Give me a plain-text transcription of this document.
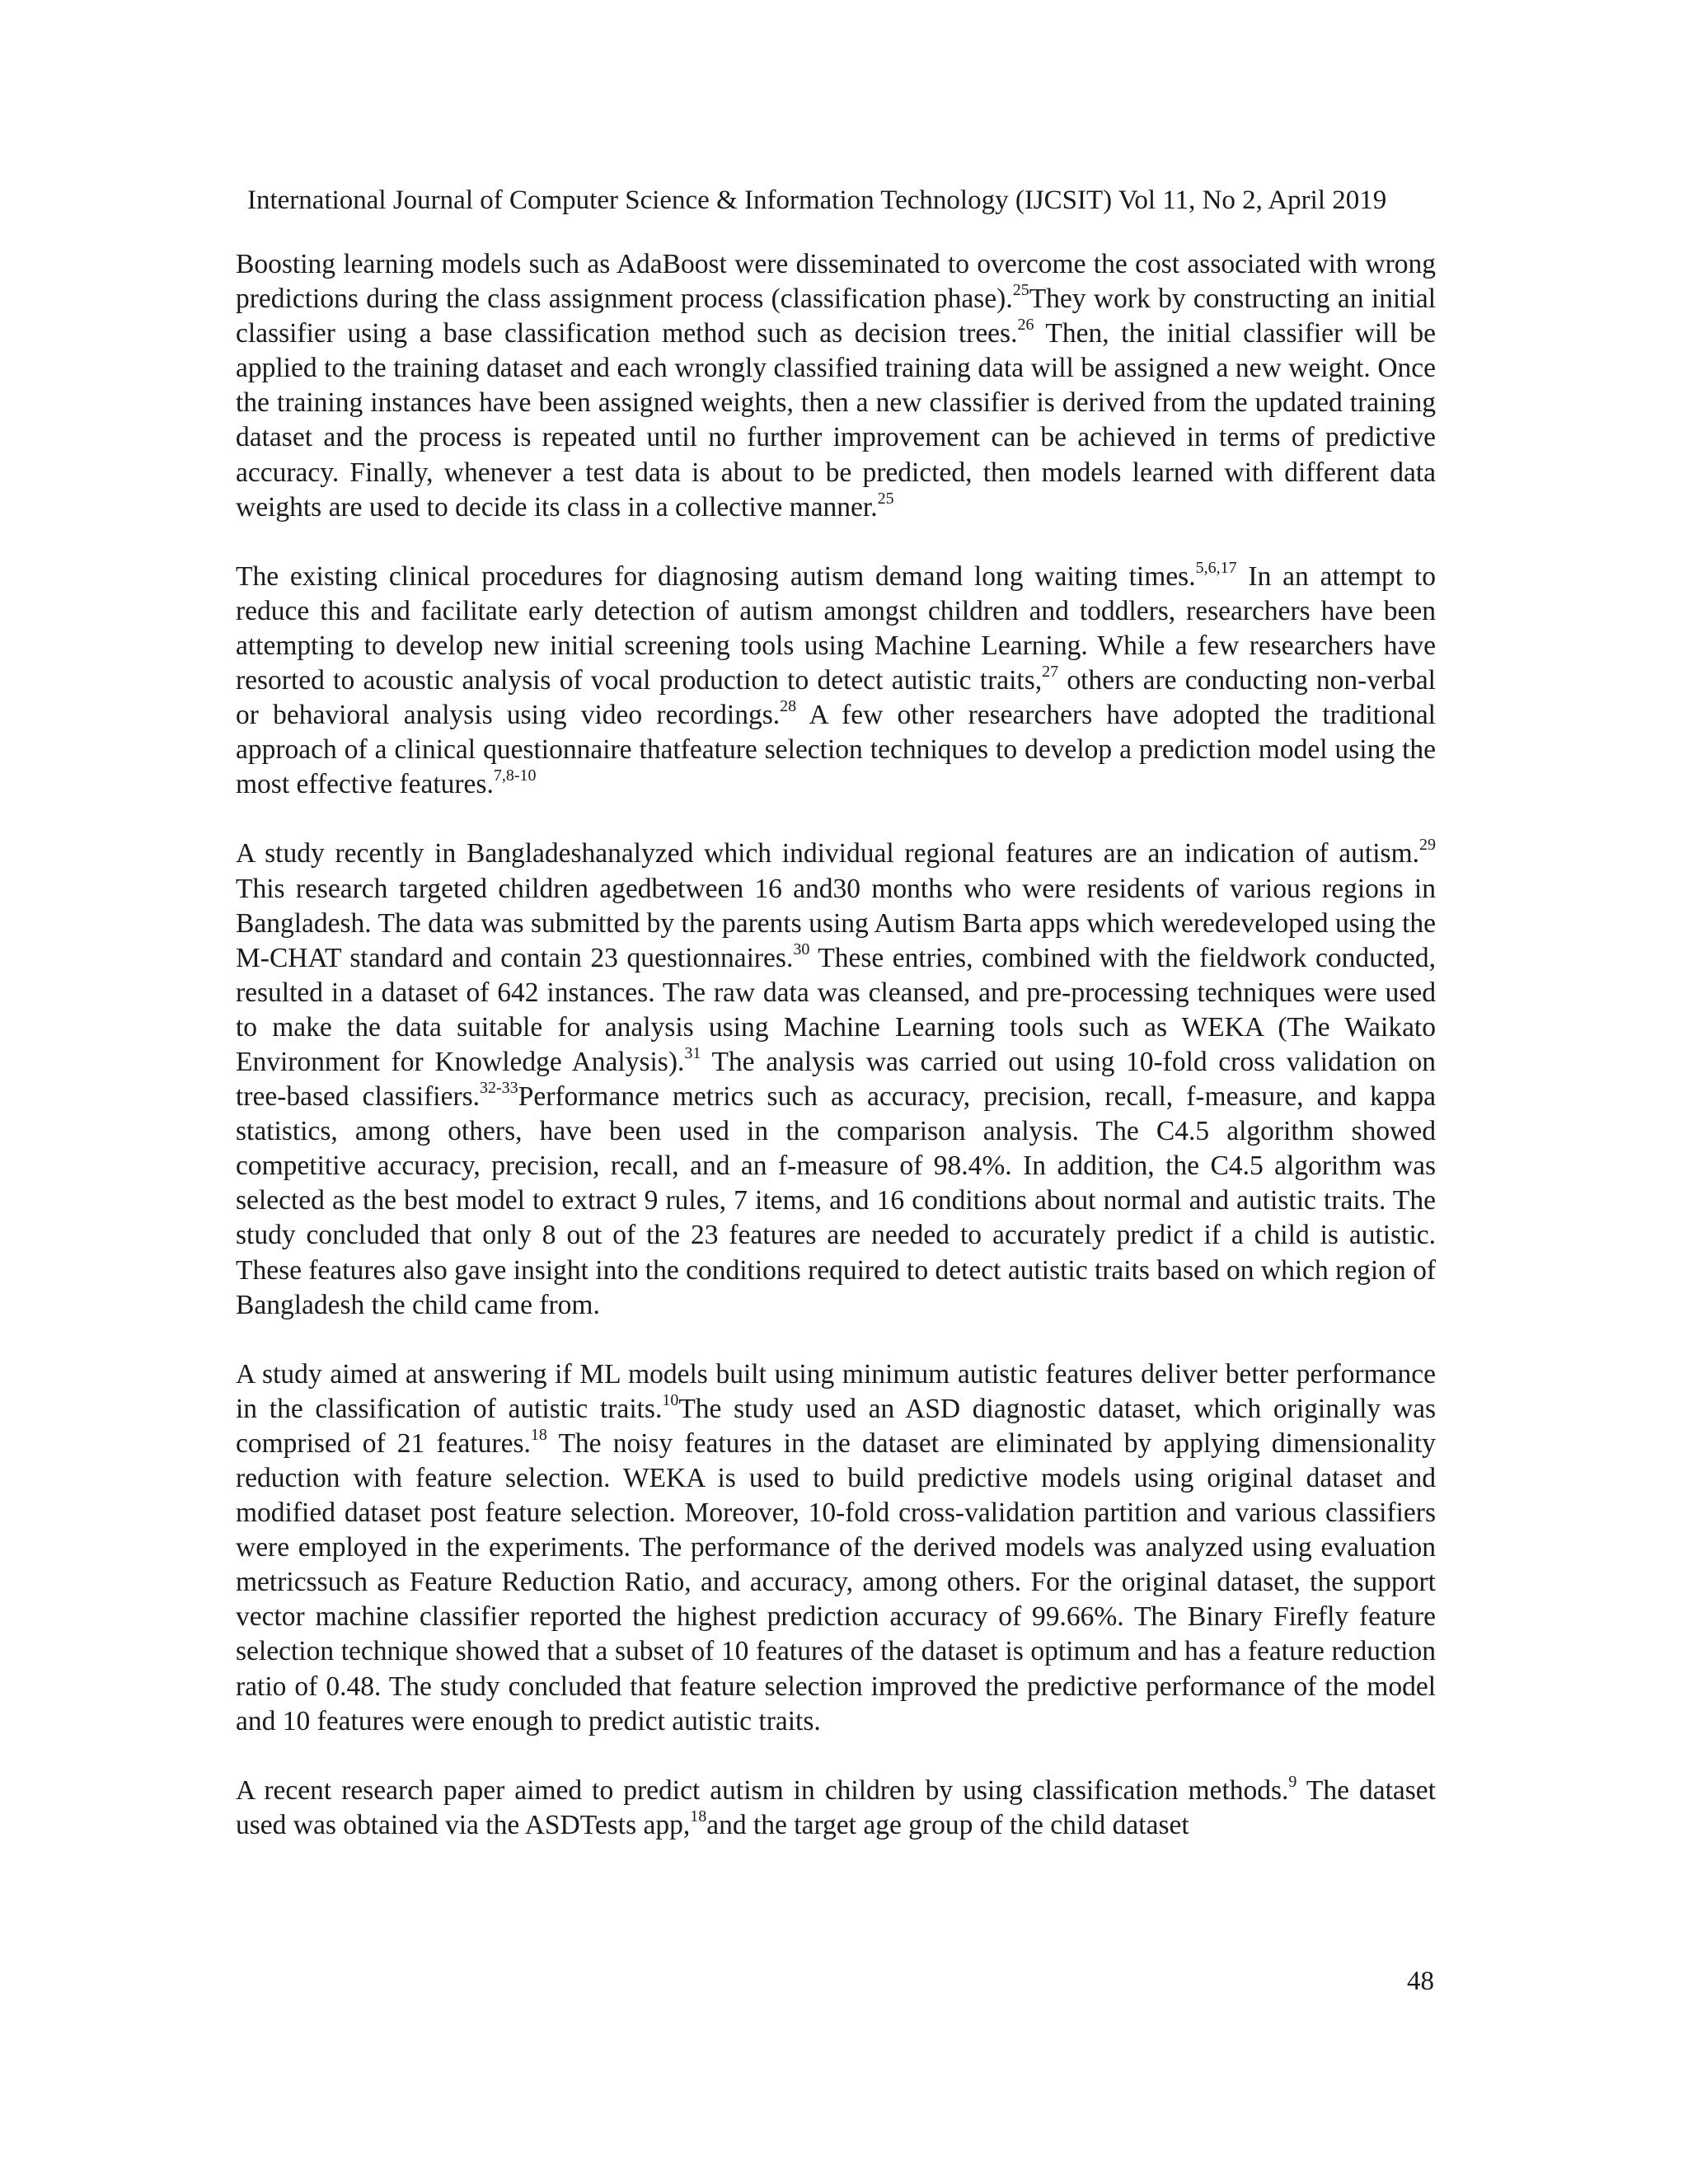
International Journal of Computer Science & Information Technology (IJCSIT) Vol 11, No 2, April 2019

Boosting learning models such as AdaBoost were disseminated to overcome the cost associated with wrong predictions during the class assignment process (classification phase).$^{25}$They work by constructing an initial classifier using a base classification method such as decision trees.$^{26}$ Then, the initial classifier will be applied to the training dataset and each wrongly classified training data will be assigned a new weight. Once the training instances have been assigned weights, then a new classifier is derived from the updated training dataset and the process is repeated until no further improvement can be achieved in terms of predictive accuracy. Finally, whenever a test data is about to be predicted, then models learned with different data weights are used to decide its class in a collective manner.$^{25}$

The existing clinical procedures for diagnosing autism demand long waiting times.$^{5,6,17}$ In an attempt to reduce this and facilitate early detection of autism amongst children and toddlers, researchers have been attempting to develop new initial screening tools using Machine Learning. While a few researchers have resorted to acoustic analysis of vocal production to detect autistic traits,$^{27}$ others are conducting non-verbal or behavioral analysis using video recordings.$^{28}$ A few other researchers have adopted the traditional approach of a clinical questionnaire thatfeature selection techniques to develop a prediction model using the most effective features.$^{7,8-10}$

A study recently in Bangladeshanalyzed which individual regional features are an indication of autism.$^{29}$ This research targeted children agedbetween 16 and30 months who were residents of various regions in Bangladesh. The data was submitted by the parents using Autism Barta apps which weredeveloped using the M-CHAT standard and contain 23 questionnaires.$^{30}$ These entries, combined with the fieldwork conducted, resulted in a dataset of 642 instances. The raw data was cleansed, and pre-processing techniques were used to make the data suitable for analysis using Machine Learning tools such as WEKA (The Waikato Environment for Knowledge Analysis).$^{31}$ The analysis was carried out using 10-fold cross validation on tree-based classifiers.$^{32-33}$Performance metrics such as accuracy, precision, recall, f-measure, and kappa statistics, among others, have been used in the comparison analysis. The C4.5 algorithm showed competitive accuracy, precision, recall, and an f-measure of 98.4%. In addition, the C4.5 algorithm was selected as the best model to extract 9 rules, 7 items, and 16 conditions about normal and autistic traits. The study concluded that only 8 out of the 23 features are needed to accurately predict if a child is autistic. These features also gave insight into the conditions required to detect autistic traits based on which region of Bangladesh the child came from.

A study aimed at answering if ML models built using minimum autistic features deliver better performance in the classification of autistic traits.$^{10}$The study used an ASD diagnostic dataset, which originally was comprised of 21 features.$^{18}$ The noisy features in the dataset are eliminated by applying dimensionality reduction with feature selection. WEKA is used to build predictive models using original dataset and modified dataset post feature selection. Moreover, 10-fold cross-validation partition and various classifiers were employed in the experiments. The performance of the derived models was analyzed using evaluation metricssuch as Feature Reduction Ratio, and accuracy, among others. For the original dataset, the support vector machine classifier reported the highest prediction accuracy of 99.66%. The Binary Firefly feature selection technique showed that a subset of 10 features of the dataset is optimum and has a feature reduction ratio of 0.48. The study concluded that feature selection improved the predictive performance of the model and 10 features were enough to predict autistic traits.

A recent research paper aimed to predict autism in children by using classification methods.$^9$ The dataset used was obtained via the ASDTests app,$^{18}$and the target age group of the child dataset

48
